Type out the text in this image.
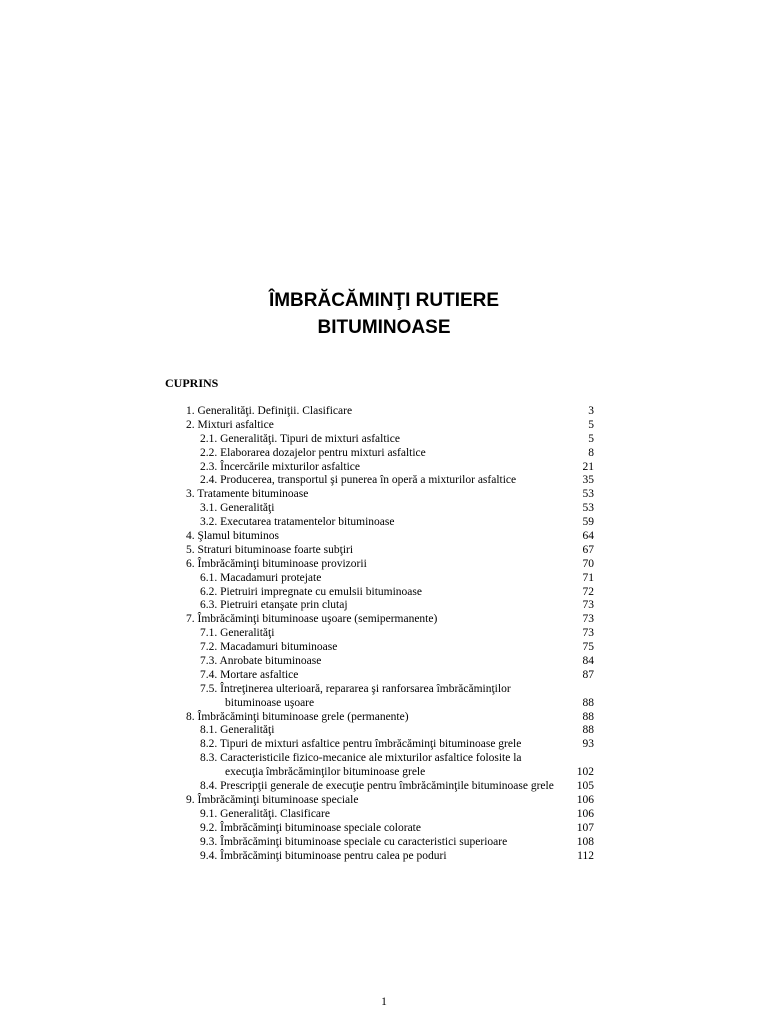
ÎMBRĂCĂMINŢI RUTIERE
BITUMINOASE
CUPRINS
1. Generalităţi. Definiţii. Clasificare	3
2. Mixturi asfaltice	5
2.1. Generalităţi. Tipuri de mixturi asfaltice	5
2.2. Elaborarea dozajelor pentru mixturi asfaltice	8
2.3. Încercările mixturilor asfaltice	21
2.4. Producerea, transportul şi punerea în operă a mixturilor asfaltice	35
3. Tratamente bituminoase	53
3.1. Generalităţi	53
3.2. Executarea tratamentelor bituminoase	59
4. Şlamul bituminos	64
5. Straturi bituminoase foarte subţiri	67
6. Îmbrăcăminţi bituminoase provizorii	70
6.1. Macadamuri protejate	71
6.2. Pietruiri impregnate cu emulsii bituminoase	72
6.3. Pietruiri etanşate prin clutaj	73
7. Îmbrăcăminţi bituminoase uşoare (semipermanente)	73
7.1. Generalităţi	73
7.2. Macadamuri bituminoase	75
7.3. Anrobate bituminoase	84
7.4. Mortare asfaltice	87
7.5. Întreţinerea ulterioară, repararea şi ranforsarea îmbrăcăminţilor
bituminoase uşoare	88
8. Îmbrăcăminţi bituminoase grele (permanente)	88
8.1. Generalităţi	88
8.2. Tipuri de mixturi asfaltice pentru îmbrăcăminţi bituminoase grele	93
8.3. Caracteristicile fizico-mecanice ale mixturilor asfaltice folosite la
execuţia îmbrăcăminţilor bituminoase grele	102
8.4. Prescripţii generale de execuţie pentru îmbrăcăminţile bituminoase grele 105
9. Îmbrăcăminţi bituminoase speciale	106
9.1. Generalităţi. Clasificare	106
9.2. Îmbrăcăminţi bituminoase speciale colorate	107
9.3. Îmbrăcăminţi bituminoase speciale cu caracteristici superioare	108
9.4. Îmbrăcăminţi bituminoase pentru calea pe poduri	112
1
